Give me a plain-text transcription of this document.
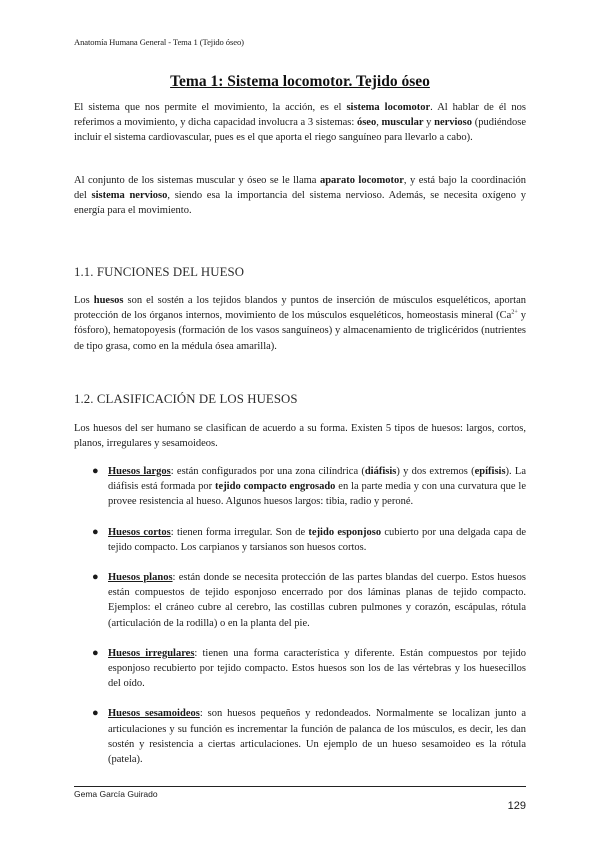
Anatomía Humana General - Tema 1 (Tejido óseo)
Tema 1: Sistema locomotor. Tejido óseo

El sistema que nos permite el movimiento, la acción, es el sistema locomotor. Al hablar de él nos referimos a movimiento, y dicha capacidad involucra a 3 sistemas: óseo, muscular y nervioso (pudiéndose incluir el sistema cardiovascular, pues es el que aporta el riego sanguíneo para llevarlo a cabo).

Al conjunto de los sistemas muscular y óseo se le llama aparato locomotor, y está bajo la coordinación del sistema nervioso, siendo esa la importancia del sistema nervioso. Además, se necesita oxígeno y energía para el movimiento.

1.1. FUNCIONES DEL HUESO

Los huesos son el sostén a los tejidos blandos y puntos de inserción de músculos esqueléticos, aportan protección de los órganos internos, movimiento de los músculos esqueléticos, homeostasis mineral ($Ca^{2+}$ y fósforo), hematopoyesis (formación de los vasos sanguíneos) y almacenamiento de triglicéridos (nutrientes de tipo grasa, como en la médula ósea amarilla).

1.2. CLASIFICACIÓN DE LOS HUESOS

Los huesos del ser humano se clasifican de acuerdo a su forma. Existen 5 tipos de huesos: largos, cortos, planos, irregulares y sesamoideos.

● Huesos largos: están configurados por una zona cilíndrica (diáfisis) y dos extremos (epífisis). La diáfisis está formada por tejido compacto engrosado en la parte media y con una curvatura que le provee resistencia al hueso. Algunos huesos largos: tibia, radio y peroné.
● Huesos cortos: tienen forma irregular. Son de tejido esponjoso cubierto por una delgada capa de tejido compacto. Los carpianos y tarsianos son huesos cortos.
● Huesos planos: están donde se necesita protección de las partes blandas del cuerpo. Estos huesos están compuestos de tejido esponjoso encerrado por dos láminas planas de tejido compacto. Ejemplos: el cráneo cubre al cerebro, las costillas cubren pulmones y corazón, escápulas, rótula (articulación de la rodilla) o en la planta del pie.
● Huesos irregulares: tienen una forma característica y diferente. Están compuestos por tejido esponjoso recubierto por tejido compacto. Estos huesos son los de las vértebras y los huesecillos del oído.
● Huesos sesamoideos: son huesos pequeños y redondeados. Normalmente se localizan junto a articulaciones y su función es incrementar la función de palanca de los músculos, es decir, les dan sostén y resistencia a ciertas articulaciones. Un ejemplo de un hueso sesamoideo es la rótula (patela).
Gema García Guirado
129
